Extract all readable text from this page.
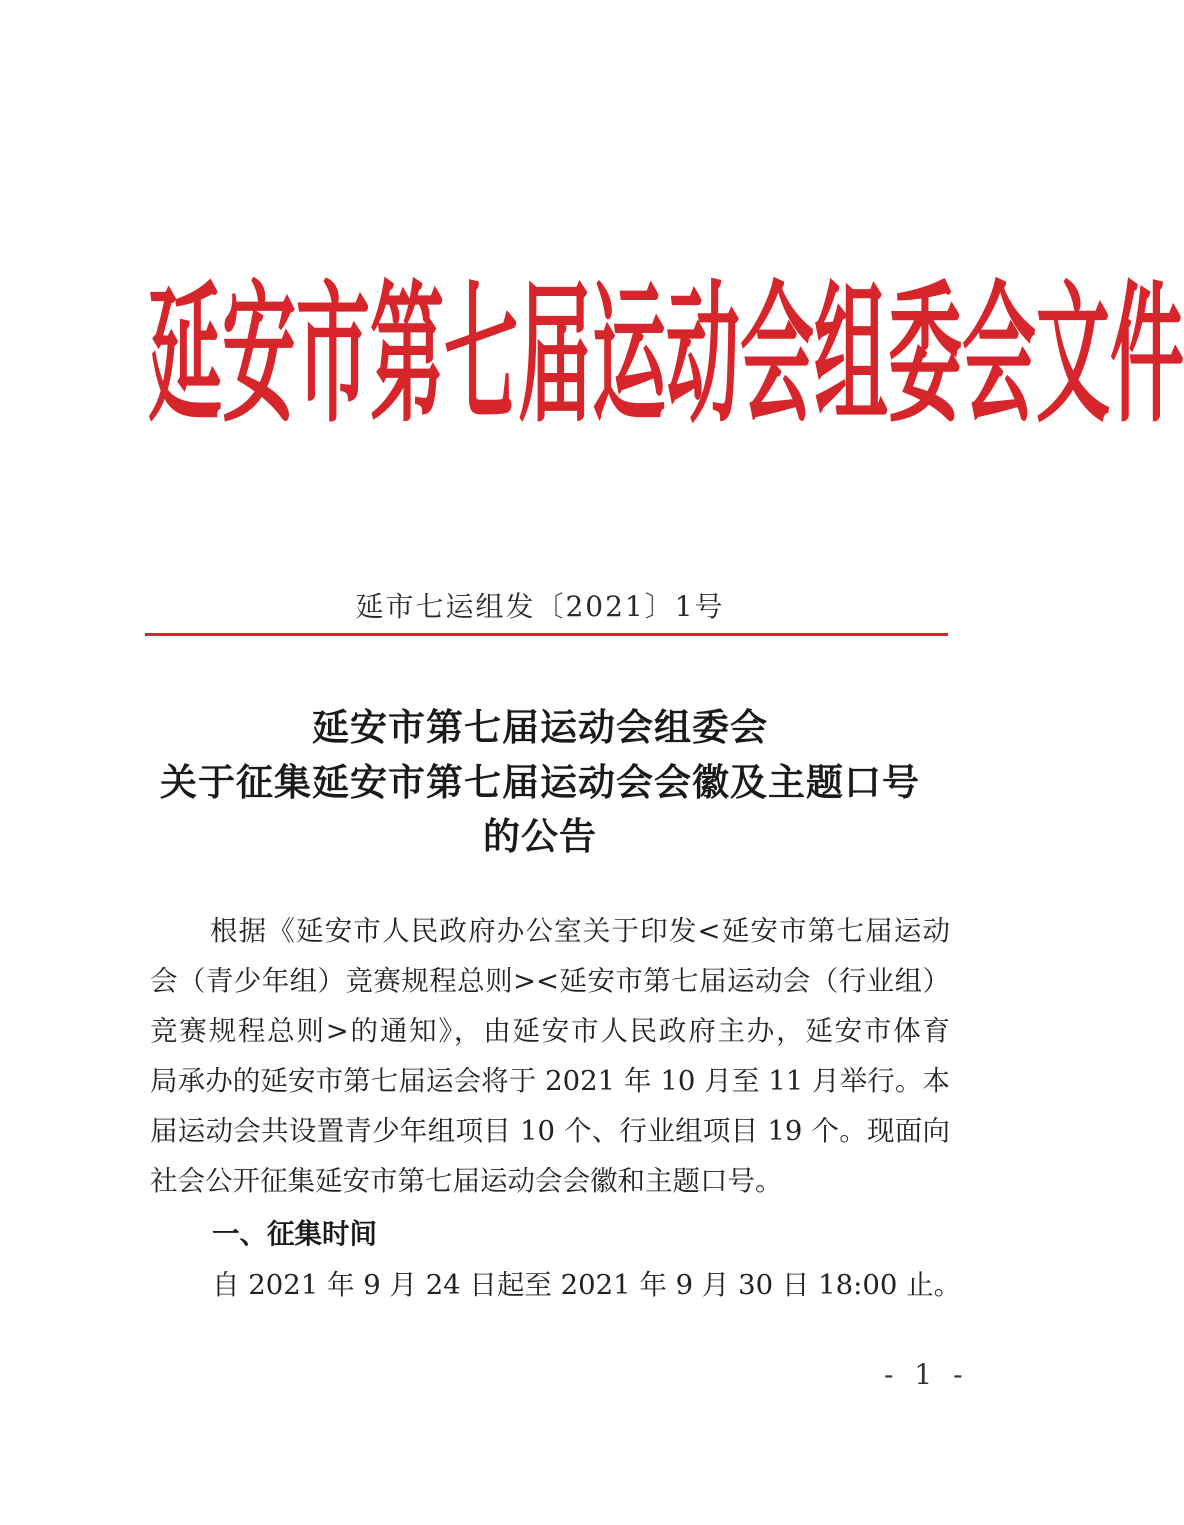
延 安 市 第 七 届 运 动 会 组 委 会 文 件
延市七运组发〔2021〕1号
延安市第七届运动会组委会
关于征集延安市第七届运动会会徽及主题口号
的公告
根据《延安市人民政府办公室关于印发<延安市第七届运动
会（青少年组）竞赛规程总则><延安市第七届运动会（行业组）
竞赛规程总则>的通知》，由延安市人民政府主办，延安市体育
局承办的延安市第七届运会将于 2021 年 10 月至 11 月举行。本
届运动会共设置青少年组项目 10 个、行业组项目 19 个。现面向
社会公开征集延安市第七届运动会会徽和主题口号。
一、征集时间
自 2021 年 9 月 24 日起至 2021 年 9 月 30 日 18:00 止。
- 1 -
